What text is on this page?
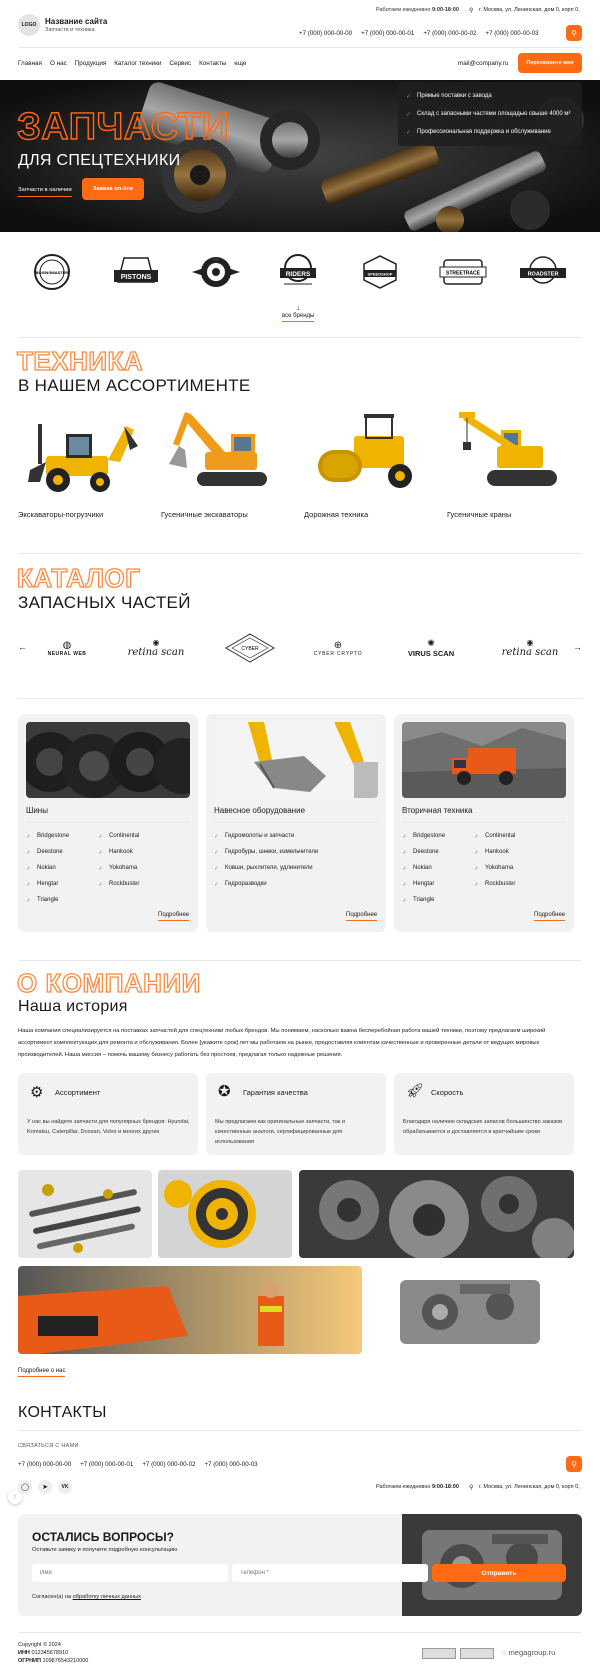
LOGO	Название сайта
Запчасти и техника
Работаем ежедневно 9:00-18:00 ⚲ г. Москва, ул. Ленинская, дом 0, корп 0,
+7 (000) 000-00-00 +7 (000) 000-00-01 +7 (000) 000-00-02 +7 (000) 000-00-03	⚲
Главная О нас Продукция Каталог техники Сервис Контакты еще	mail@company.ru	Перезвоните мне
ЗАПЧАСТИ
ДЛЯ СПЕЦТЕХНИКИ
Запчасти в наличии	Заявка on-line
✓ Прямые поставки с завода
✓ Склад с запасными частями площадью свыше 4000 м²
✓ Профессиональная поддержка и обслуживание
BOXINGMASTER
PISTONS
WHEELS
RIDERS	SPEEDSHOP	STREETRACE	ROADSTER
↓
все бренды
ТЕХНИКА
В НАШЕМ АССОРТИМЕНТЕ
Экскаваторы-погрузчики	Гусеничные экскаваторы	Дорожная техника	Гусеничные краны
КАТАЛОГ
ЗАПАСНЫХ ЧАСТЕЙ
←	→
◍
NEURAL WEB
◉
retina scan	CYBER	⊕
CYBER CRYPTO
✺
VIRUS SCAN
◉
retina scan
Шины
✓ Bridgestone
✓ Deestone
✓ Nokian
✓ Hengtar
✓ Triangle
✓ Continental
✓ Hankook
✓ Yokohama
✓ Rockbuster
Подробнее
Навесное оборудование
✓ Гидромолоты и запчасти
✓ Гидробуры, шнеки, измельчители
✓ Ковши, рыхлители, удлинители
✓ Гидроразводки
Подробнее
Вторичная техника
✓ Bridgestone
✓ Deestone
✓ Nokian
✓ Hengtar
✓ Triangle
✓ Continental
✓ Hankook
✓ Yokohama
✓ Rockbuster
Подробнее
О КОМПАНИИ
Наша история
Наша компания специализируется на поставках запчастей для спецтехники любых брендов. Мы понимаем, насколько важна бесперебойная работа вашей техники, поэтому предлагаем широкий ассортимент комплектующих для ремонта и обслуживания. Более [укажите срок] лет мы работаем на рынке, предоставляя клиентам качественные и проверенные детали от ведущих мировых производителей. Наша миссия – помочь вашему бизнесу работать без простоев, предлагая только надежные решения.
⚙ Ассортимент
У нас вы найдете запчасти для популярных брендов: Hyundai, Komatsu, Caterpillar, Doosan, Volvo и многих других
✪ Гарантия качества
Мы предлагаем как оригинальные запчасти, так и качественные аналоги, сертифицированные для использования
🚀︎ Скорость
Благодаря наличию складских запасов большинство заказов обрабатывается и доставляется в кратчайшие сроки
Подробнее о нас
КОНТАКТЫ
СВЯЗАТЬСЯ С НАМИ
+7 (000) 000-00-00 +7 (000) 000-00-01 +7 (000) 000-00-02 +7 (000) 000-00-03	⚲
◯	➤	VK	Работаем ежедневно 9:00-18:00 ⚲ г. Москва, ул. Ленинская, дом 0, корп 0,
↑
ОСТАЛИСЬ ВОПРОСЫ?
Оставьте заявку и получите подробную консультацию
Имя
Телефон *
Отправить
Согласен(а) на обработку личных данных
Copyright © 2024
ИНН 012345678910
ОГРНИП 109876543210000
◌ megagroup.ru
